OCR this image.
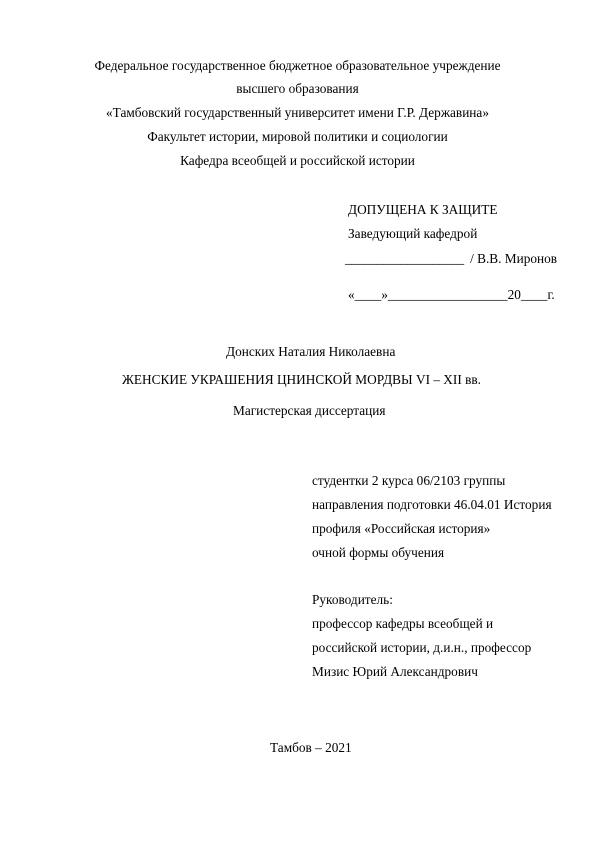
Федеральное государственное бюджетное образовательное учреждение
высшего образования
«Тамбовский государственный университет имени Г.Р. Державина»
Факультет истории, мировой политики и социологии
Кафедра всеобщей и российской истории
ДОПУЩЕНА К ЗАЩИТЕ
Заведующий кафедрой
___________________ / В.В. Миронов
«____»__________________20____г.
Донских Наталия Николаевна
ЖЕНСКИЕ УКРАШЕНИЯ ЦНИНСКОЙ МОРДВЫ VI – XII вв.
Магистерская диссертация
студентки 2 курса 06/2103 группы
направления подготовки 46.04.01 История
профиля «Российская история»
очной формы обучения
Руководитель:
профессор кафедры всеобщей и
российской истории, д.и.н., профессор
Мизис Юрий Александрович
Тамбов – 2021
